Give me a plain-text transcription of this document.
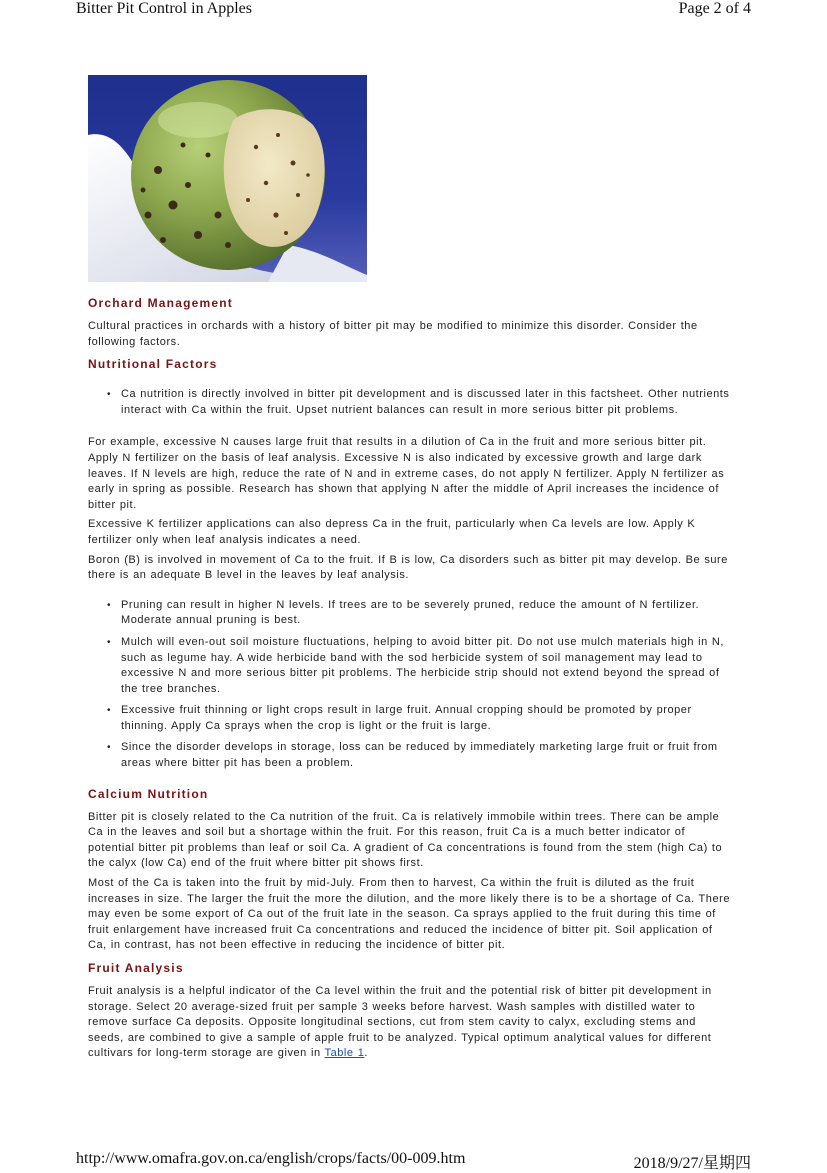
Bitter Pit Control in Apples	Page 2 of 4
Orchard Management

Cultural practices in orchards with a history of bitter pit may be modified to minimize this disorder. Consider the following factors.

Nutritional Factors
• Ca nutrition is directly involved in bitter pit development and is discussed later in this factsheet. Other nutrients interact with Ca within the fruit. Upset nutrient balances can result in more serious bitter pit problems.

For example, excessive N causes large fruit that results in a dilution of Ca in the fruit and more serious bitter pit. Apply N fertilizer on the basis of leaf analysis. Excessive N is also indicated by excessive growth and large dark leaves. If N levels are high, reduce the rate of N and in extreme cases, do not apply N fertilizer. Apply N fertilizer as early in spring as possible. Research has shown that applying N after the middle of April increases the incidence of bitter pit.

Excessive K fertilizer applications can also depress Ca in the fruit, particularly when Ca levels are low. Apply K fertilizer only when leaf analysis indicates a need.

Boron (B) is involved in movement of Ca to the fruit. If B is low, Ca disorders such as bitter pit may develop. Be sure there is an adequate B level in the leaves by leaf analysis.

• Pruning can result in higher N levels. If trees are to be severely pruned, reduce the amount of N fertilizer. Moderate annual pruning is best.
• Mulch will even-out soil moisture fluctuations, helping to avoid bitter pit. Do not use mulch materials high in N, such as legume hay. A wide herbicide band with the sod herbicide system of soil management may lead to excessive N and more serious bitter pit problems. The herbicide strip should not extend beyond the spread of the tree branches.
• Excessive fruit thinning or light crops result in large fruit. Annual cropping should be promoted by proper thinning. Apply Ca sprays when the crop is light or the fruit is large.
• Since the disorder develops in storage, loss can be reduced by immediately marketing large fruit or fruit from areas where bitter pit has been a problem.
Calcium Nutrition

Bitter pit is closely related to the Ca nutrition of the fruit. Ca is relatively immobile within trees. There can be ample Ca in the leaves and soil but a shortage within the fruit. For this reason, fruit Ca is a much better indicator of potential bitter pit problems than leaf or soil Ca. A gradient of Ca concentrations is found from the stem (high Ca) to the calyx (low Ca) end of the fruit where bitter pit shows first.

Most of the Ca is taken into the fruit by mid-July. From then to harvest, Ca within the fruit is diluted as the fruit increases in size. The larger the fruit the more the dilution, and the more likely there is to be a shortage of Ca. There may even be some export of Ca out of the fruit late in the season. Ca sprays applied to the fruit during this time of fruit enlargement have increased fruit Ca concentrations and reduced the incidence of bitter pit. Soil application of Ca, in contrast, has not been effective in reducing the incidence of bitter pit.

Fruit Analysis

Fruit analysis is a helpful indicator of the Ca level within the fruit and the potential risk of bitter pit development in storage. Select 20 average-sized fruit per sample 3 weeks before harvest. Wash samples with distilled water to remove surface Ca deposits. Opposite longitudinal sections, cut from stem cavity to calyx, excluding stems and seeds, are combined to give a sample of apple fruit to be analyzed. Typical optimum analytical values for different cultivars for long-term storage are given in Table 1.

http://www.omafra.gov.on.ca/english/crops/facts/00-009.htm	2018/9/27/星期四
